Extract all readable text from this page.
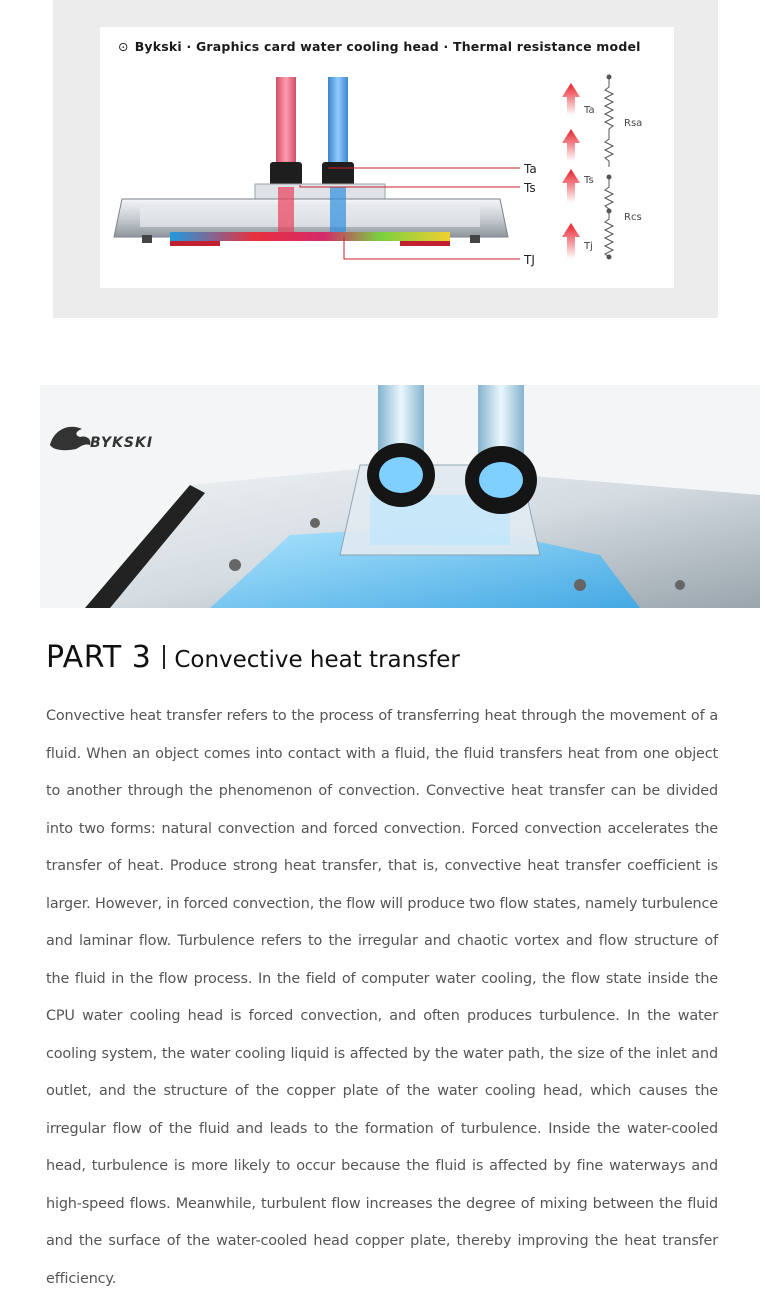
Ta
Ts
TJ
Ta
Ts
Tj
Rsa
Rcs
⊙ Bykski · Graphics card water cooling head · Thermal resistance model
BYKSKI
PART 3 Convective heat transfer

Convective heat transfer refers to the process of transferring heat through the movement of a fluid. When an object comes into contact with a fluid, the fluid transfers heat from one object to another through the phenomenon of convection. Convective heat transfer can be divided into two forms: natural convection and forced convection. Forced convection accelerates the transfer of heat. Produce strong heat transfer, that is, convective heat transfer coefficient is larger. However, in forced convection, the flow will produce two flow states, namely turbulence and laminar flow. Turbulence refers to the irregular and chaotic vortex and flow structure of the fluid in the flow process. In the field of computer water cooling, the flow state inside the CPU water cooling head is forced convection, and often produces turbulence. In the water cooling system, the water cooling liquid is affected by the water path, the size of the inlet and outlet, and the structure of the copper plate of the water cooling head, which causes the irregular flow of the fluid and leads to the formation of turbulence. Inside the water-cooled head, turbulence is more likely to occur because the fluid is affected by fine waterways and high-speed flows. Meanwhile, turbulent flow increases the degree of mixing between the fluid and the surface of the water-cooled head copper plate, thereby improving the heat transfer efficiency.
